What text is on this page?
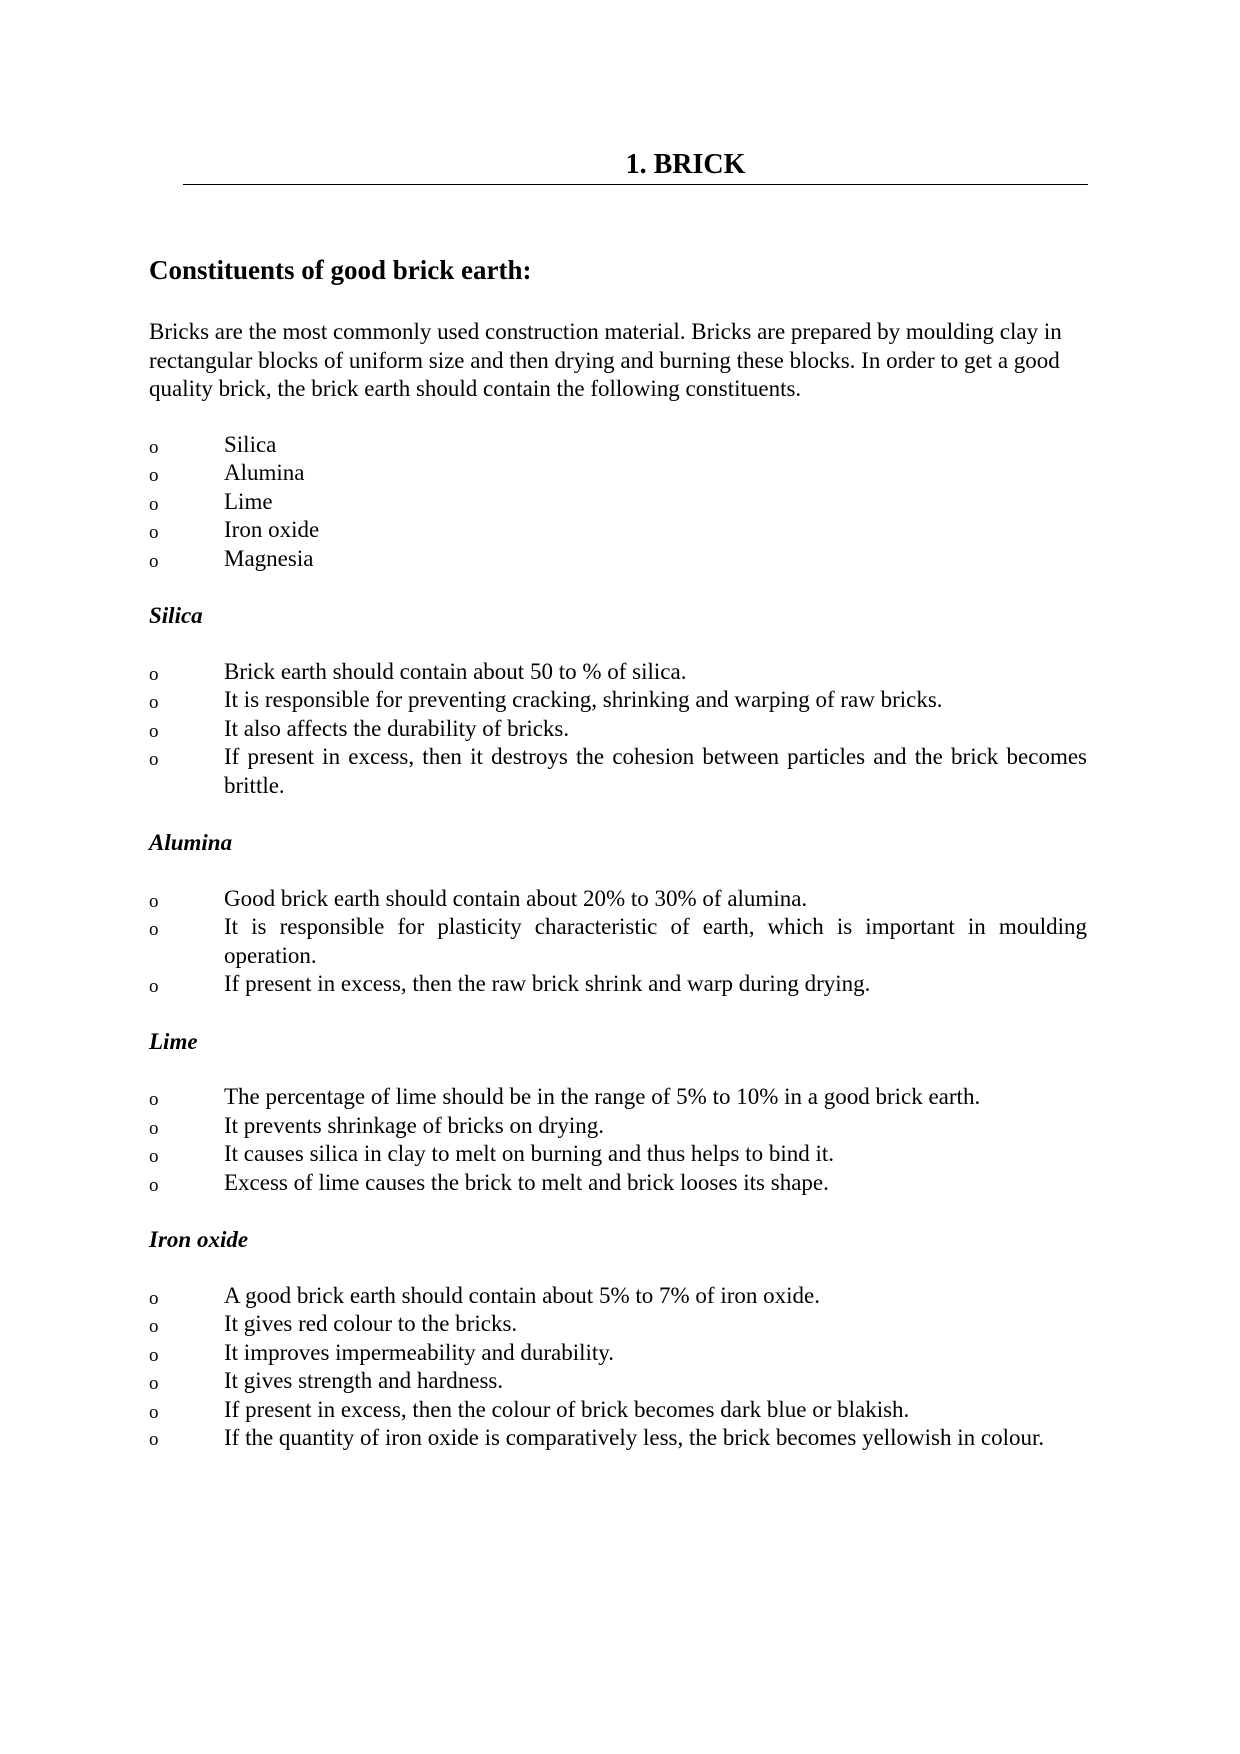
1. BRICK
Constituents of good brick earth:

Bricks are the most commonly used construction material. Bricks are prepared by moulding clay in rectangular blocks of uniform size and then drying and burning these blocks. In order to get a good quality brick, the brick earth should contain the following constituents.

o	Silica
o	Alumina
o	Lime
o	Iron oxide
o	Magnesia
Silica
o	Brick earth should contain about 50 to % of silica.
o	It is responsible for preventing cracking, shrinking and warping of raw bricks.
o	It also affects the durability of bricks.
o	If present in excess, then it destroys the cohesion between particles and the brick becomes brittle.
Alumina
o	Good brick earth should contain about 20% to 30% of alumina.
o	It is responsible for plasticity characteristic of earth, which is important in moulding operation.
o	If present in excess, then the raw brick shrink and warp during drying.
Lime
o	The percentage of lime should be in the range of 5% to 10% in a good brick earth.
o	It prevents shrinkage of bricks on drying.
o	It causes silica in clay to melt on burning and thus helps to bind it.
o	Excess of lime causes the brick to melt and brick looses its shape.
Iron oxide
o	A good brick earth should contain about 5% to 7% of iron oxide.
o	It gives red colour to the bricks.
o	It improves impermeability and durability.
o	It gives strength and hardness.
o	If present in excess, then the colour of brick becomes dark blue or blakish.

o	If the quantity of iron oxide is comparatively less, the brick becomes yellowish in colour.
